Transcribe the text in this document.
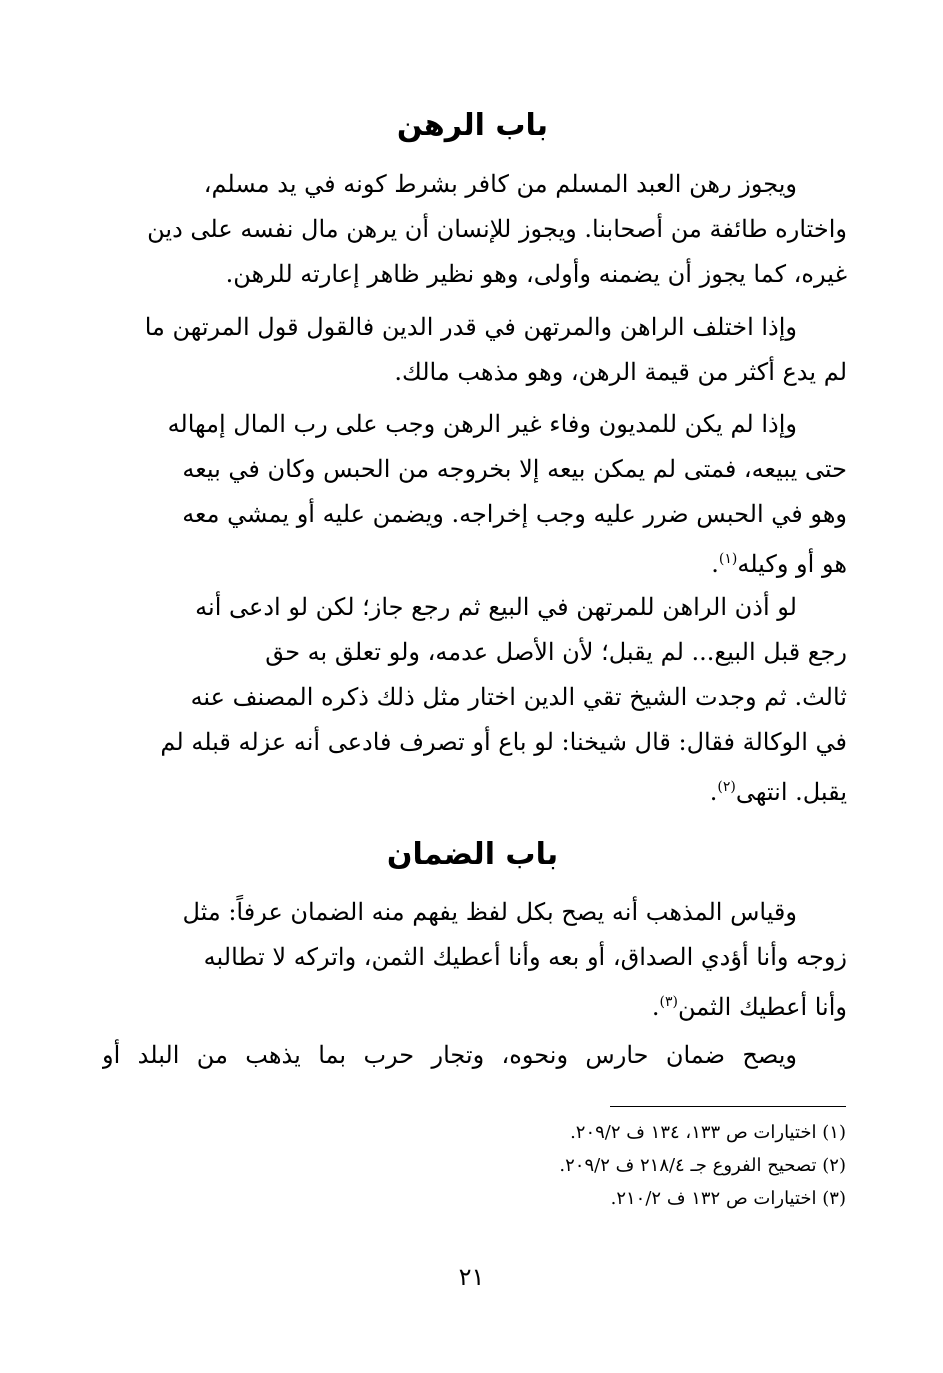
باب الرهن
ويجوز رهن العبد المسلم من كافر بشرط كونه في يد مسلم،
واختاره طائفة من أصحابنا. ويجوز للإنسان أن يرهن مال نفسه على دين
غيره، كما يجوز أن يضمنه وأولى، وهو نظير ظاهر إعارته للرهن.
وإذا اختلف الراهن والمرتهن في قدر الدين فالقول قول المرتهن ما
لم يدع أكثر من قيمة الرهن، وهو مذهب مالك.
وإذا لم يكن للمديون وفاء غير الرهن وجب على رب المال إمهاله
حتى يبيعه، فمتى لم يمكن بيعه إلا بخروجه من الحبس وكان في بيعه
وهو في الحبس ضرر عليه وجب إخراجه. ويضمن عليه أو يمشي معه
هو أو وكيله$^{(١)}$.
لو أذن الراهن للمرتهن في البيع ثم رجع جاز؛ لكن لو ادعى أنه
رجع قبل البيع... لم يقبل؛ لأن الأصل عدمه، ولو تعلق به حق
ثالث. ثم وجدت الشيخ تقي الدين اختار مثل ذلك ذكره المصنف عنه
في الوكالة فقال: قال شيخنا: لو باع أو تصرف فادعى أنه عزله قبله لم
يقبل. انتهى$^{(٢)}$.
باب الضمان
وقياس المذهب أنه يصح بكل لفظ يفهم منه الضمان عرفاً: مثل
زوجه وأنا أؤدي الصداق، أو بعه وأنا أعطيك الثمن، واتركه لا تطالبه
وأنا أعطيك الثمن$^{(٣)}$.
ويصح ضمان حارس ونحوه، وتجار حرب بما يذهب من البلد أو
(١) اختيارات ص ١٣٣، ١٣٤ ف ٢٠٩/٢.
(٢) تصحيح الفروع جـ ٢١٨/٤ ف ٢٠٩/٢.
(٣) اختيارات ص ١٣٢ ف ٢١٠/٢.
٢١
